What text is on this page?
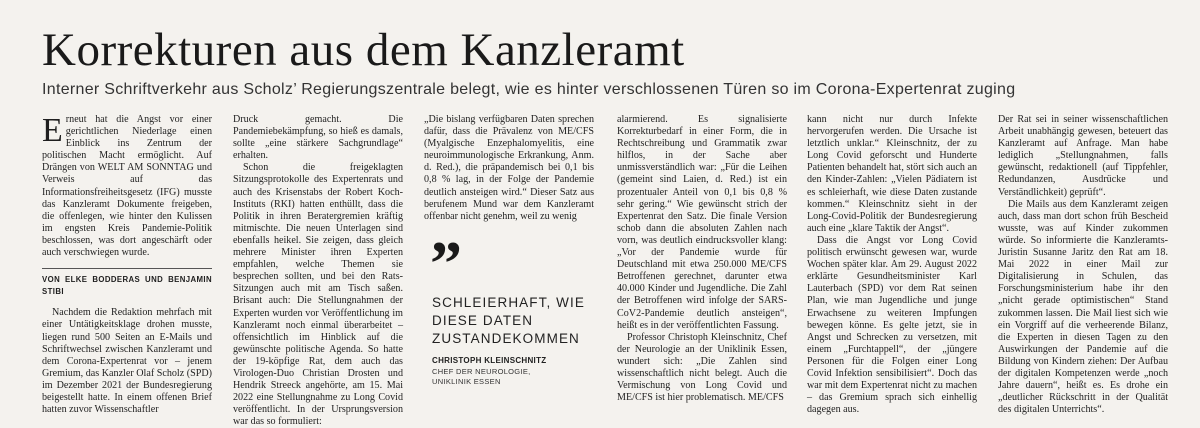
Korrekturen aus dem Kanzleramt

Interner Schriftverkehr aus Scholz’ Regierungszentrale belegt, wie es hinter verschlossenen Türen so im Corona-Expertenrat zuging

Erneut hat die Angst vor einer gerichtlichen Niederlage einen Einblick ins Zentrum der politischen Macht ermöglicht. Auf Drängen von WELT AM SONNTAG und Verweis auf das Informationsfreiheitsgesetz (IFG) musste das Kanzleramt Dokumente freigeben, die offenlegen, wie hinter den Kulissen im engsten Kreis Pandemie-Politik beschlossen, was dort angeschärft oder auch verschwiegen wurde.

VON ELKE BODDERAS UND BENJAMIN STIBI

Nachdem die Redaktion mehrfach mit einer Untätigkeitsklage drohen musste, liegen rund 500 Seiten an E-Mails und Schriftwechsel zwischen Kanzleramt und dem Corona-Expertenrat vor – jenem Gremium, das Kanzler Olaf Scholz (SPD) im Dezember 2021 der Bundesregierung beigestellt hatte. In einem offenen Brief hatten zuvor Wissenschaftler

Druck gemacht. Die Pandemiebekämpfung, so hieß es damals, sollte „eine stärkere Sachgrundlage“ erhalten.

Schon die freigeklagten Sitzungsprotokolle des Expertenrats und auch des Krisenstabs der Robert Koch-Instituts (RKI) hatten enthüllt, dass die Politik in ihren Beratergremien kräftig mitmischte. Die neuen Unterlagen sind ebenfalls heikel. Sie zeigen, dass gleich mehrere Minister ihren Experten empfahlen, welche Themen sie besprechen sollten, und bei den Rats-Sitzungen auch mit am Tisch saßen. Brisant auch: Die Stellungnahmen der Experten wurden vor Veröffentlichung im Kanzleramt noch einmal überarbeitet – offensichtlich im Hinblick auf die gewünschte politische Agenda. So hatte der 19-köpfige Rat, dem auch das Virologen-Duo Christian Drosten und Hendrik Streeck angehörte, am 15. Mai 2022 eine Stellungnahme zu Long Covid veröffentlicht. In der Ursprungsversion war das so formuliert:

„Die bislang verfügbaren Daten sprechen dafür, dass die Prävalenz von ME/CFS (Myalgische Enzephalomyelitis, eine neuroimmunologische Erkrankung, Anm. d. Red.), die präpandemisch bei 0,1 bis 0,8 % lag, in der Folge der Pandemie deutlich ansteigen wird.“ Dieser Satz aus berufenem Mund war dem Kanzleramt offenbar nicht genehm, weil zu wenig

”
SCHLEIERHAFT, WIE DIESE DATEN ZUSTANDEKOMMEN
CHRISTOPH KLEINSCHNITZ
CHEF DER NEUROLOGIE,
UNIKLINIK ESSEN

alarmierend. Es signalisierte Korrekturbedarf in einer Form, die in Rechtschreibung und Grammatik zwar hilflos, in der Sache aber unmissverständlich war: „Für die Leihen (gemeint sind Laien, d. Red.) ist ein prozentualer Anteil von 0,1 bis 0,8 % sehr gering.“ Wie gewünscht strich der Expertenrat den Satz. Die finale Version schob dann die absoluten Zahlen nach vorn, was deutlich eindrucksvoller klang: „Vor der Pandemie wurde für Deutschland mit etwa 250.000 ME/CFS Betroffenen gerechnet, darunter etwa 40.000 Kinder und Jugendliche. Die Zahl der Betroffenen wird infolge der SARS-CoV2-Pandemie deutlich ansteigen“, heißt es in der veröffentlichten Fassung.

Professor Christoph Kleinschnitz, Chef der Neurologie an der Uniklinik Essen, wundert sich: „Die Zahlen sind wissenschaftlich nicht belegt. Auch die Vermischung von Long Covid und ME/CFS ist hier problematisch. ME/CFS

kann nicht nur durch Infekte hervorgerufen werden. Die Ursache ist letztlich unklar.“ Kleinschnitz, der zu Long Covid geforscht und Hunderte Patienten behandelt hat, stört sich auch an den Kinder-Zahlen: „Vielen Pädiatern ist es schleierhaft, wie diese Daten zustande kommen.“ Kleinschnitz sieht in der Long-Covid-Politik der Bundesregierung auch eine „klare Taktik der Angst“.

Dass die Angst vor Long Covid politisch erwünscht gewesen war, wurde Wochen später klar. Am 29. August 2022 erklärte Gesundheitsminister Karl Lauterbach (SPD) vor dem Rat seinen Plan, wie man Jugendliche und junge Erwachsene zu weiteren Impfungen bewegen könne. Es gelte jetzt, sie in Angst und Schrecken zu versetzen, mit einem „Furchtappell“, der „jüngere Personen für die Folgen einer Long Covid Infektion sensibilisiert“. Doch das war mit dem Expertenrat nicht zu machen – das Gremium sprach sich einhellig dagegen aus.

Der Rat sei in seiner wissenschaftlichen Arbeit unabhängig gewesen, beteuert das Kanzleramt auf Anfrage. Man habe lediglich „Stellungnahmen, falls gewünscht, redaktionell (auf Tippfehler, Redundanzen, Ausdrücke und Verständlichkeit) geprüft“.

Die Mails aus dem Kanzleramt zeigen auch, dass man dort schon früh Bescheid wusste, was auf Kinder zukommen würde. So informierte die Kanzleramts-Juristin Susanne Jaritz den Rat am 18. Mai 2022 in einer Mail zur Digitalisierung in Schulen, das Forschungsministerium habe ihr den „nicht gerade optimistischen“ Stand zukommen lassen. Die Mail liest sich wie ein Vorgriff auf die verheerende Bilanz, die Experten in diesen Tagen zu den Auswirkungen der Pandemie auf die Bildung von Kindern ziehen: Der Aufbau der digitalen Kompetenzen werde „noch Jahre dauern“, heißt es. Es drohe ein „deutlicher Rückschritt in der Qualität des digitalen Unterrichts“.
